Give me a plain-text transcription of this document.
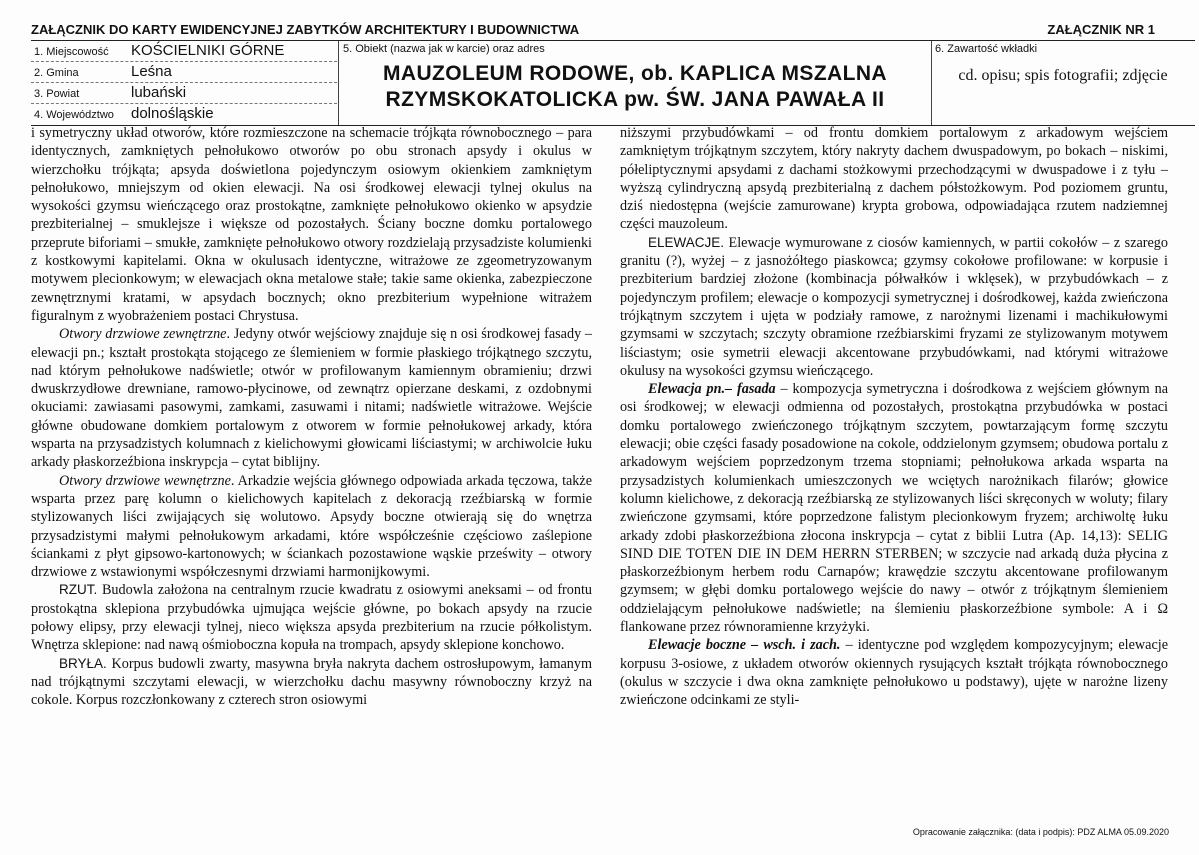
ZAŁĄCZNIK DO KARTY EWIDENCYJNEJ ZABYTKÓW ARCHITEKTURY I BUDOWNICTWA	ZAŁĄCZNIK NR 1
1. Miejscowość KOŚCIELNIKI GÓRNE
2. Gmina	Leśna
3. Powiat	lubański
4. Województwo dolnośląskie
5. Obiekt (nazwa jak w karcie) oraz adres
MAUZOLEUM RODOWE, ob. KAPLICA MSZALNA
RZYMSKOKATOLICKA pw. ŚW. JANA PAWAŁA II
6. Zawartość wkładki
cd. opisu; spis fotografii; zdjęcie

i symetryczny układ otworów, które rozmieszczone na schemacie trójkąta równobocznego – para identycznych, zamkniętych pełnołukowo otworów po obu stronach apsydy i okulus w wierzchołku trójkąta; apsyda doświetlona pojedynczym osiowym okienkiem zamkniętym pełnołukowo, mniejszym od okien elewacji. Na osi środkowej elewacji tylnej okulus na wysokości gzymsu wieńczącego oraz prostokątne, zamknięte pełnołukowo okienko w apsydzie prezbiterialnej – smuklejsze i większe od pozostałych. Ściany boczne domku portalowego przeprute biforiami – smukłe, zamknięte pełnołukowo otwory rozdzielają przysadziste kolumienki z kostkowymi kapitelami. Okna w okulusach identyczne, witrażowe ze zgeometryzowanym motywem plecionkowym; w elewacjach okna metalowe stałe; takie same okienka, zabezpieczone zewnętrznymi kratami, w apsydach bocznych; okno prezbiterium wypełnione witrażem figuralnym z wyobrażeniem postaci Chrystusa.

Otwory drzwiowe zewnętrzne. Jedyny otwór wejściowy znajduje się n osi środkowej fasady – elewacji pn.; kształt prostokąta stojącego ze ślemieniem w formie płaskiego trójkątnego szczytu, nad którym pełnołukowe nadświetle; otwór w profilowanym kamiennym obramieniu; drzwi dwuskrzydłowe drewniane, ramowo-płycinowe, od zewnątrz opierzane deskami, z ozdobnymi okuciami: zawiasami pasowymi, zamkami, zasuwami i nitami; nadświetle witrażowe. Wejście główne obudowane domkiem portalowym z otworem w formie pełnołukowej arkady, która wsparta na przysadzistych kolumnach z kielichowymi głowicami liściastymi; w archiwolcie łuku arkady płaskorzeźbiona inskrypcja – cytat biblijny.

Otwory drzwiowe wewnętrzne. Arkadzie wejścia głównego odpowiada arkada tęczowa, także wsparta przez parę kolumn o kielichowych kapitelach z dekoracją rzeźbiarską w formie stylizowanych liści zwijających się wolutowo. Apsydy boczne otwierają się do wnętrza przysadzistymi małymi pełnołukowym arkadami, które współcześnie częściowo zaślepione ściankami z płyt gipsowo-kartonowych; w ściankach pozostawione wąskie prześwity – otwory drzwiowe z wstawionymi współczesnymi drzwiami harmonijkowymi.

RZUT. Budowla założona na centralnym rzucie kwadratu z osiowymi aneksami – od frontu prostokątna sklepiona przybudówka ujmująca wejście główne, po bokach apsydy na rzucie połowy elipsy, przy elewacji tylnej, nieco większa apsyda prezbiterium na rzucie półkolistym. Wnętrza sklepione: nad nawą ośmioboczna kopuła na trompach, apsydy sklepione konchowo.

BRYŁA. Korpus budowli zwarty, masywna bryła nakryta dachem ostrosłupowym, łamanym nad trójkątnymi szczytami elewacji, w wierzchołku dachu masywny równoboczny krzyż na cokole. Korpus rozczłonkowany z czterech stron osiowymi

niższymi przybudówkami – od frontu domkiem portalowym z arkadowym wejściem zamkniętym trójkątnym szczytem, który nakryty dachem dwuspadowym, po bokach – niskimi, półeliptycznymi apsydami z dachami stożkowymi przechodzącymi w dwuspadowe i z tyłu – wyższą cylindryczną apsydą prezbiterialną z dachem półstożkowym. Pod poziomem gruntu, dziś niedostępna (wejście zamurowane) krypta grobowa, odpowiadająca rzutem nadziemnej części mauzoleum.

ELEWACJE. Elewacje wymurowane z ciosów kamiennych, w partii cokołów – z szarego granitu (?), wyżej – z jasnożółtego piaskowca; gzymsy cokołowe profilowane: w korpusie i prezbiterium bardziej złożone (kombinacja półwałków i wklęsek), w przybudówkach – z pojedynczym profilem; elewacje o kompozycji symetrycznej i dośrodkowej, każda zwieńczona trójkątnym szczytem i ujęta w podziały ramowe, z narożnymi lizenami i machikułowymi gzymsami w szczytach; szczyty obramione rzeźbiarskimi fryzami ze stylizowanym motywem liściastym; osie symetrii elewacji akcentowane przybudówkami, nad którymi witrażowe okulusy na wysokości gzymsu wieńczącego.

Elewacja pn.– fasada – kompozycja symetryczna i dośrodkowa z wejściem głównym na osi środkowej; w elewacji odmienna od pozostałych, prostokątna przybudówka w postaci domku portalowego zwieńczonego trójkątnym szczytem, powtarzającym formę szczytu elewacji; obie części fasady posadowione na cokole, oddzielonym gzymsem; obudowa portalu z arkadowym wejściem poprzedzonym trzema stopniami; pełnołukowa arkada wsparta na przysadzistych kolumienkach umieszczonych we wciętych narożnikach filarów; głowice kolumn kielichowe, z dekoracją rzeźbiarską ze stylizowanych liści skręconych w woluty; filary zwieńczone gzymsami, które poprzedzone falistym plecionkowym fryzem; archiwoltę łuku arkady zdobi płaskorzeźbiona złocona inskrypcja – cytat z biblii Lutra (Ap. 14,13): SELIG SIND DIE TOTEN DIE IN DEM HERRN STERBEN; w szczycie nad arkadą duża płycina z płaskorzeźbionym herbem rodu Carnapów; krawędzie szczytu akcentowane profilowanym gzymsem; w głębi domku portalowego wejście do nawy – otwór z trójkątnym ślemieniem oddzielającym pełnołukowe nadświetle; na ślemieniu płaskorzeźbione symbole: A i Ω flankowane przez równoramienne krzyżyki.

Elewacje boczne – wsch. i zach. – identyczne pod względem kompozycyjnym; elewacje korpusu 3-osiowe, z układem otworów okiennych rysujących kształt trójkąta równobocznego (okulus w szczycie i dwa okna zamknięte pełnołukowo u podstawy), ujęte w narożne lizeny zwieńczone odcinkami ze styli-

Opracowanie załącznika: (data i podpis): PDZ ALMA 05.09.2020
